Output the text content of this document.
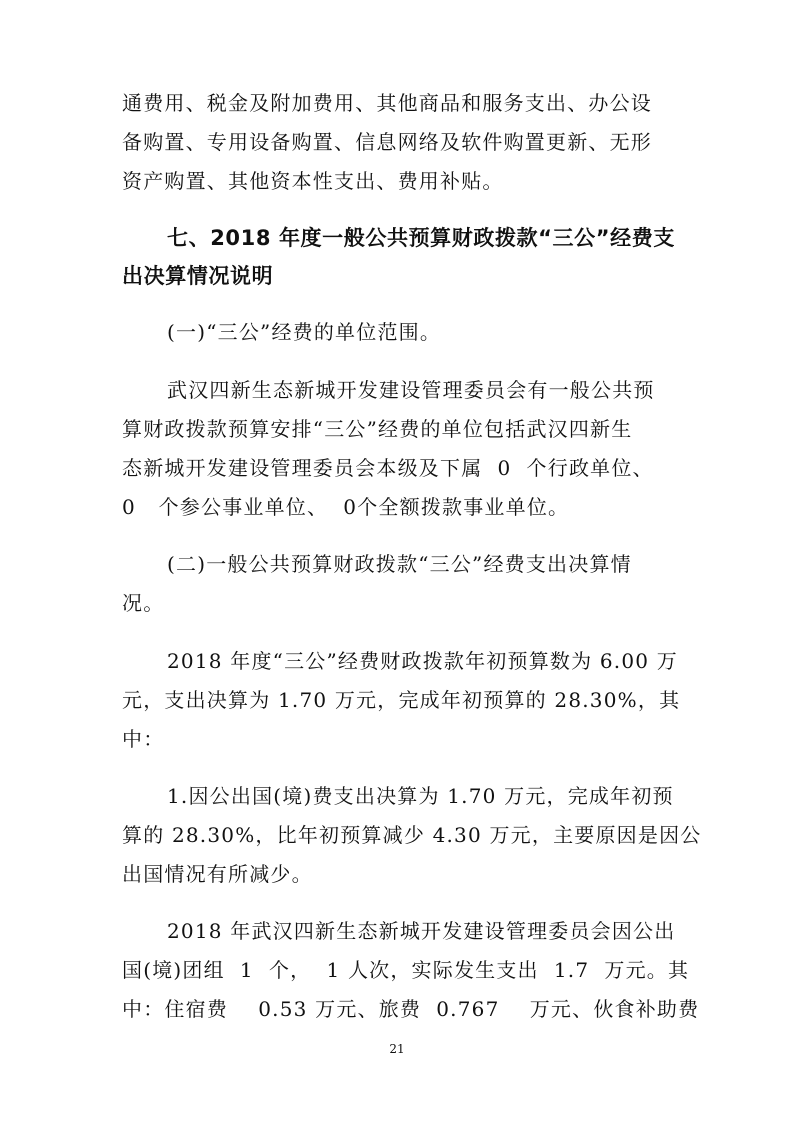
通费用、税金及附加费用、其他商品和服务支出、办公设
备购置、专用设备购置、信息网络及软件购置更新、无形
资产购置、其他资本性支出、费用补贴。
七、2018 年度一般公共预算财政拨款“三公”经费支
出决算情况说明
(一)“三公”经费的单位范围。
武汉四新生态新城开发建设管理委员会有一般公共预
算财政拨款预算安排“三公”经费的单位包括武汉四新生
态新城开发建设管理委员会本级及下属  0  个行政单位、
0   个参公事业单位、  0个全额拨款事业单位。
(二)一般公共预算财政拨款“三公”经费支出决算情
况。
2018 年度“三公”经费财政拨款年初预算数为 6.00 万
元，支出决算为 1.70 万元，完成年初预算的 28.30%，其
中：
1.因公出国(境)费支出决算为 1.70 万元，完成年初预
算的 28.30%，比年初预算减少 4.30 万元，主要原因是因公
出国情况有所减少。
2018 年武汉四新生态新城开发建设管理委员会因公出
国(境)团组  1  个，  1 人次，实际发生支出  1.7  万元。其
中：住宿费    0.53 万元、旅费  0.767    万元、伙食补助费
21
